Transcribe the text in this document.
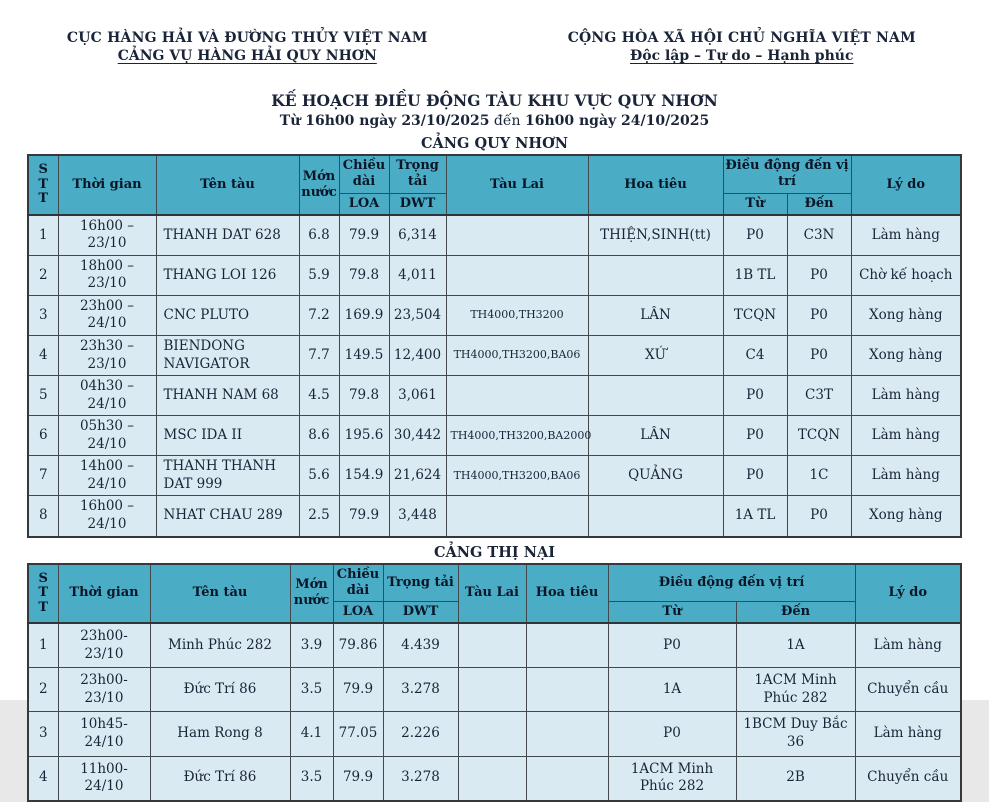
CỤC HÀNG HẢI VÀ ĐƯỜNG THỦY VIỆT NAM
CẢNG VỤ HÀNG HẢI QUY NHƠN
CỘNG HÒA XÃ HỘI CHỦ NGHĨA VIỆT NAM
Độc lập – Tự do – Hạnh phúc
KẾ HOẠCH ĐIỀU ĐỘNG TÀU KHU VỰC QUY NHƠN
Từ 16h00 ngày 23/10/2025 đến 16h00 ngày 24/10/2025
CẢNG QUY NHƠN
S
T
T	Thời gian	Tên tàu	Mớn nước	Chiều dài	Trọng tải	Tàu Lai	Hoa tiêu	Điều động đến vị trí		Lý do
				LOA	DWT			Từ	Đến	
1	16h00 – 23/10	THANH DAT 628	6.8	79.9	6,314		THIỆN,SINH(tt)	P0	C3N	Làm hàng
2	18h00 – 23/10	THANG LOI 126	5.9	79.8	4,011			1B TL	P0	Chờ kế hoạch
3	23h00 – 24/10	CNC PLUTO	7.2	169.9	23,504	TH4000,TH3200	LÂN	TCQN	P0	Xong hàng
4	23h30 – 23/10	BIENDONG NAVIGATOR	7.7	149.5	12,400	TH4000,TH3200,BA06	XỨ	C4	P0	Xong hàng
5	04h30 – 24/10	THANH NAM 68	4.5	79.8	3,061			P0	C3T	Làm hàng
6	05h30 – 24/10	MSC IDA II	8.6	195.6	30,442	TH4000,TH3200,BA2000	LÂN	P0	TCQN	Làm hàng
7	14h00 – 24/10	THANH THANH DAT 999	5.6	154.9	21,624	TH4000,TH3200,BA06	QUẢNG	P0	1C	Làm hàng
8	16h00 – 24/10	NHAT CHAU 289	2.5	79.9	3,448			1A TL	P0	Xong hàng
CẢNG THỊ NẠI
S
T
T	Thời gian	Tên tàu	Mớn nước	Chiều dài	Trọng tải	Tàu Lai	Hoa tiêu	Điều động đến vị trí		Lý do
				LOA	DWT			Từ	Đến	
1	23h00-23/10	Minh Phúc 282	3.9	79.86	4.439			P0	1A	Làm hàng
2	23h00-23/10	Đức Trí 86	3.5	79.9	3.278			1A	1ACM Minh Phúc 282	Chuyển cầu
3	10h45-24/10	Ham Rong 8	4.1	77.05	2.226			P0	1BCM Duy Bắc 36	Làm hàng
4	11h00-24/10	Đức Trí 86	3.5	79.9	3.278			1ACM Minh Phúc 282	2B	Chuyển cầu
